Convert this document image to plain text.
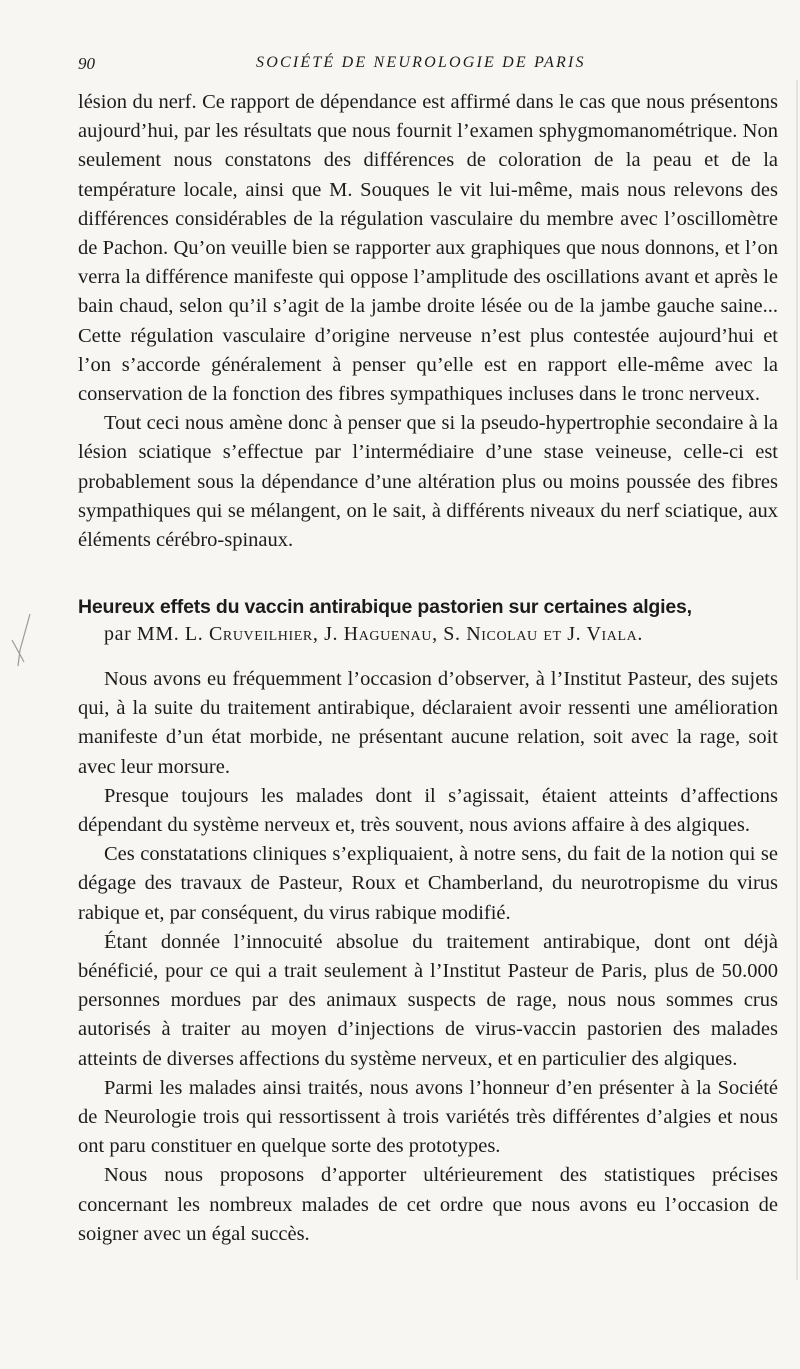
90	SOCIÉTÉ DE NEUROLOGIE DE PARIS

lésion du nerf. Ce rapport de dépendance est affirmé dans le cas que nous présentons aujourd’hui, par les résultats que nous fournit l’examen sphygmomanométrique. Non seulement nous constatons des différences de coloration de la peau et de la température locale, ainsi que M. Souques le vit lui-même, mais nous relevons des différences considérables de la régulation vasculaire du membre avec l’oscillomètre de Pachon. Qu’on veuille bien se rapporter aux graphiques que nous donnons, et l’on verra la différence manifeste qui oppose l’amplitude des oscillations avant et après le bain chaud, selon qu’il s’agit de la jambe droite lésée ou de la jambe gauche saine... Cette régulation vasculaire d’origine nerveuse n’est plus contestée aujourd’hui et l’on s’accorde généralement à penser qu’elle est en rapport elle-même avec la conservation de la fonction des fibres sympathiques incluses dans le tronc nerveux.

Tout ceci nous amène donc à penser que si la pseudo-hypertrophie secondaire à la lésion sciatique s’effectue par l’intermédiaire d’une stase veineuse, celle-ci est probablement sous la dépendance d’une altération plus ou moins poussée des fibres sympathiques qui se mélangent, on le sait, à différents niveaux du nerf sciatique, aux éléments cérébro-spinaux.

Heureux effets du vaccin antirabique pastorien sur certaines algies,
par MM. L. Cruveilhier, J. Haguenau, S. Nicolau et J. Viala.

Nous avons eu fréquemment l’occasion d’observer, à l’Institut Pasteur, des sujets qui, à la suite du traitement antirabique, déclaraient avoir ressenti une amélioration manifeste d’un état morbide, ne présentant aucune relation, soit avec la rage, soit avec leur morsure.

Presque toujours les malades dont il s’agissait, étaient atteints d’affections dépendant du système nerveux et, très souvent, nous avions affaire à des algiques.

Ces constatations cliniques s’expliquaient, à notre sens, du fait de la notion qui se dégage des travaux de Pasteur, Roux et Chamberland, du neurotropisme du virus rabique et, par conséquent, du virus rabique modifié.

Étant donnée l’innocuité absolue du traitement antirabique, dont ont déjà bénéficié, pour ce qui a trait seulement à l’Institut Pasteur de Paris, plus de 50.000 personnes mordues par des animaux suspects de rage, nous nous sommes crus autorisés à traiter au moyen d’injections de virus-vaccin pastorien des malades atteints de diverses affections du système nerveux, et en particulier des algiques.

Parmi les malades ainsi traités, nous avons l’honneur d’en présenter à la Société de Neurologie trois qui ressortissent à trois variétés très différentes d’algies et nous ont paru constituer en quelque sorte des prototypes.

Nous nous proposons d’apporter ultérieurement des statistiques précises concernant les nombreux malades de cet ordre que nous avons eu l’occasion de soigner avec un égal succès.
